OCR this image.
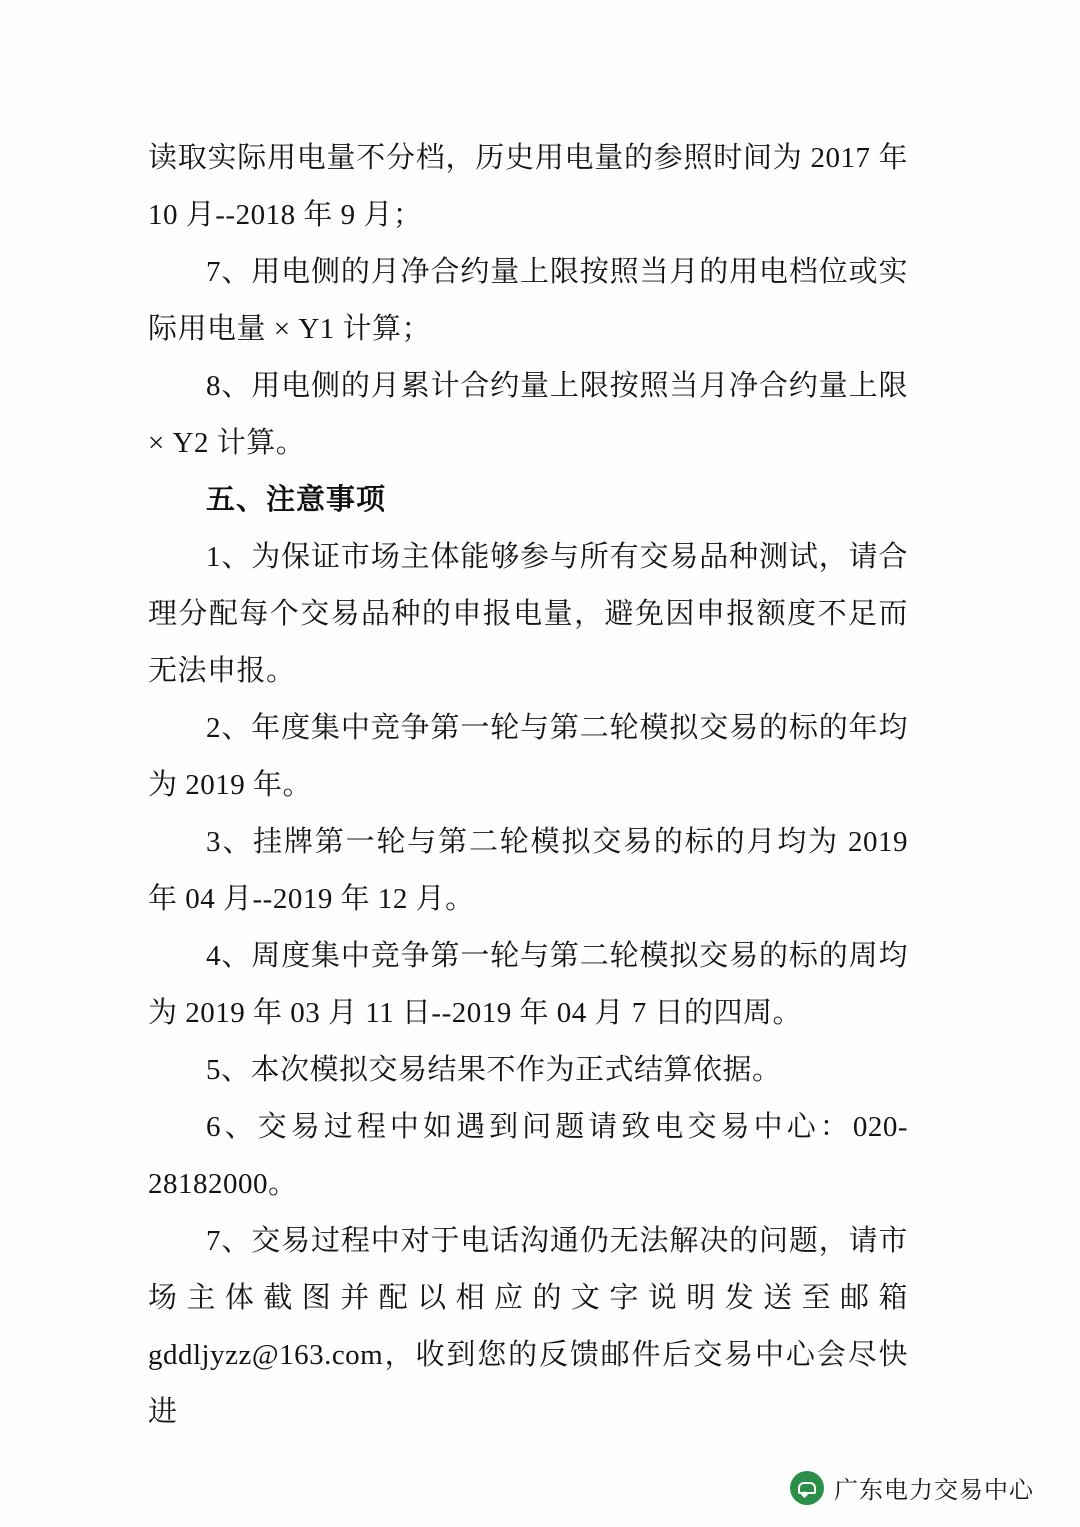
读取实际用电量不分档，历史用电量的参照时间为 2017 年 10 月--2018 年 9 月；

7、用电侧的月净合约量上限按照当月的用电档位或实际用电量 × Y1 计算；

8、用电侧的月累计合约量上限按照当月净合约量上限 × Y2 计算。

五、注意事项

1、为保证市场主体能够参与所有交易品种测试，请合理分配每个交易品种的申报电量，避免因申报额度不足而无法申报。

2、年度集中竞争第一轮与第二轮模拟交易的标的年均为 2019 年。

3、挂牌第一轮与第二轮模拟交易的标的月均为 2019 年 04 月--2019 年 12 月。

4、周度集中竞争第一轮与第二轮模拟交易的标的周均为 2019 年 03 月 11 日--2019 年 04 月 7 日的四周。

5、本次模拟交易结果不作为正式结算依据。

6、交易过程中如遇到问题请致电交易中心：020-28182000。

7、交易过程中对于电话沟通仍无法解决的问题，请市场主体截图并配以相应的文字说明发送至邮箱 gddljyzz@163.com，收到您的反馈邮件后交易中心会尽快进

广东电力交易中心
